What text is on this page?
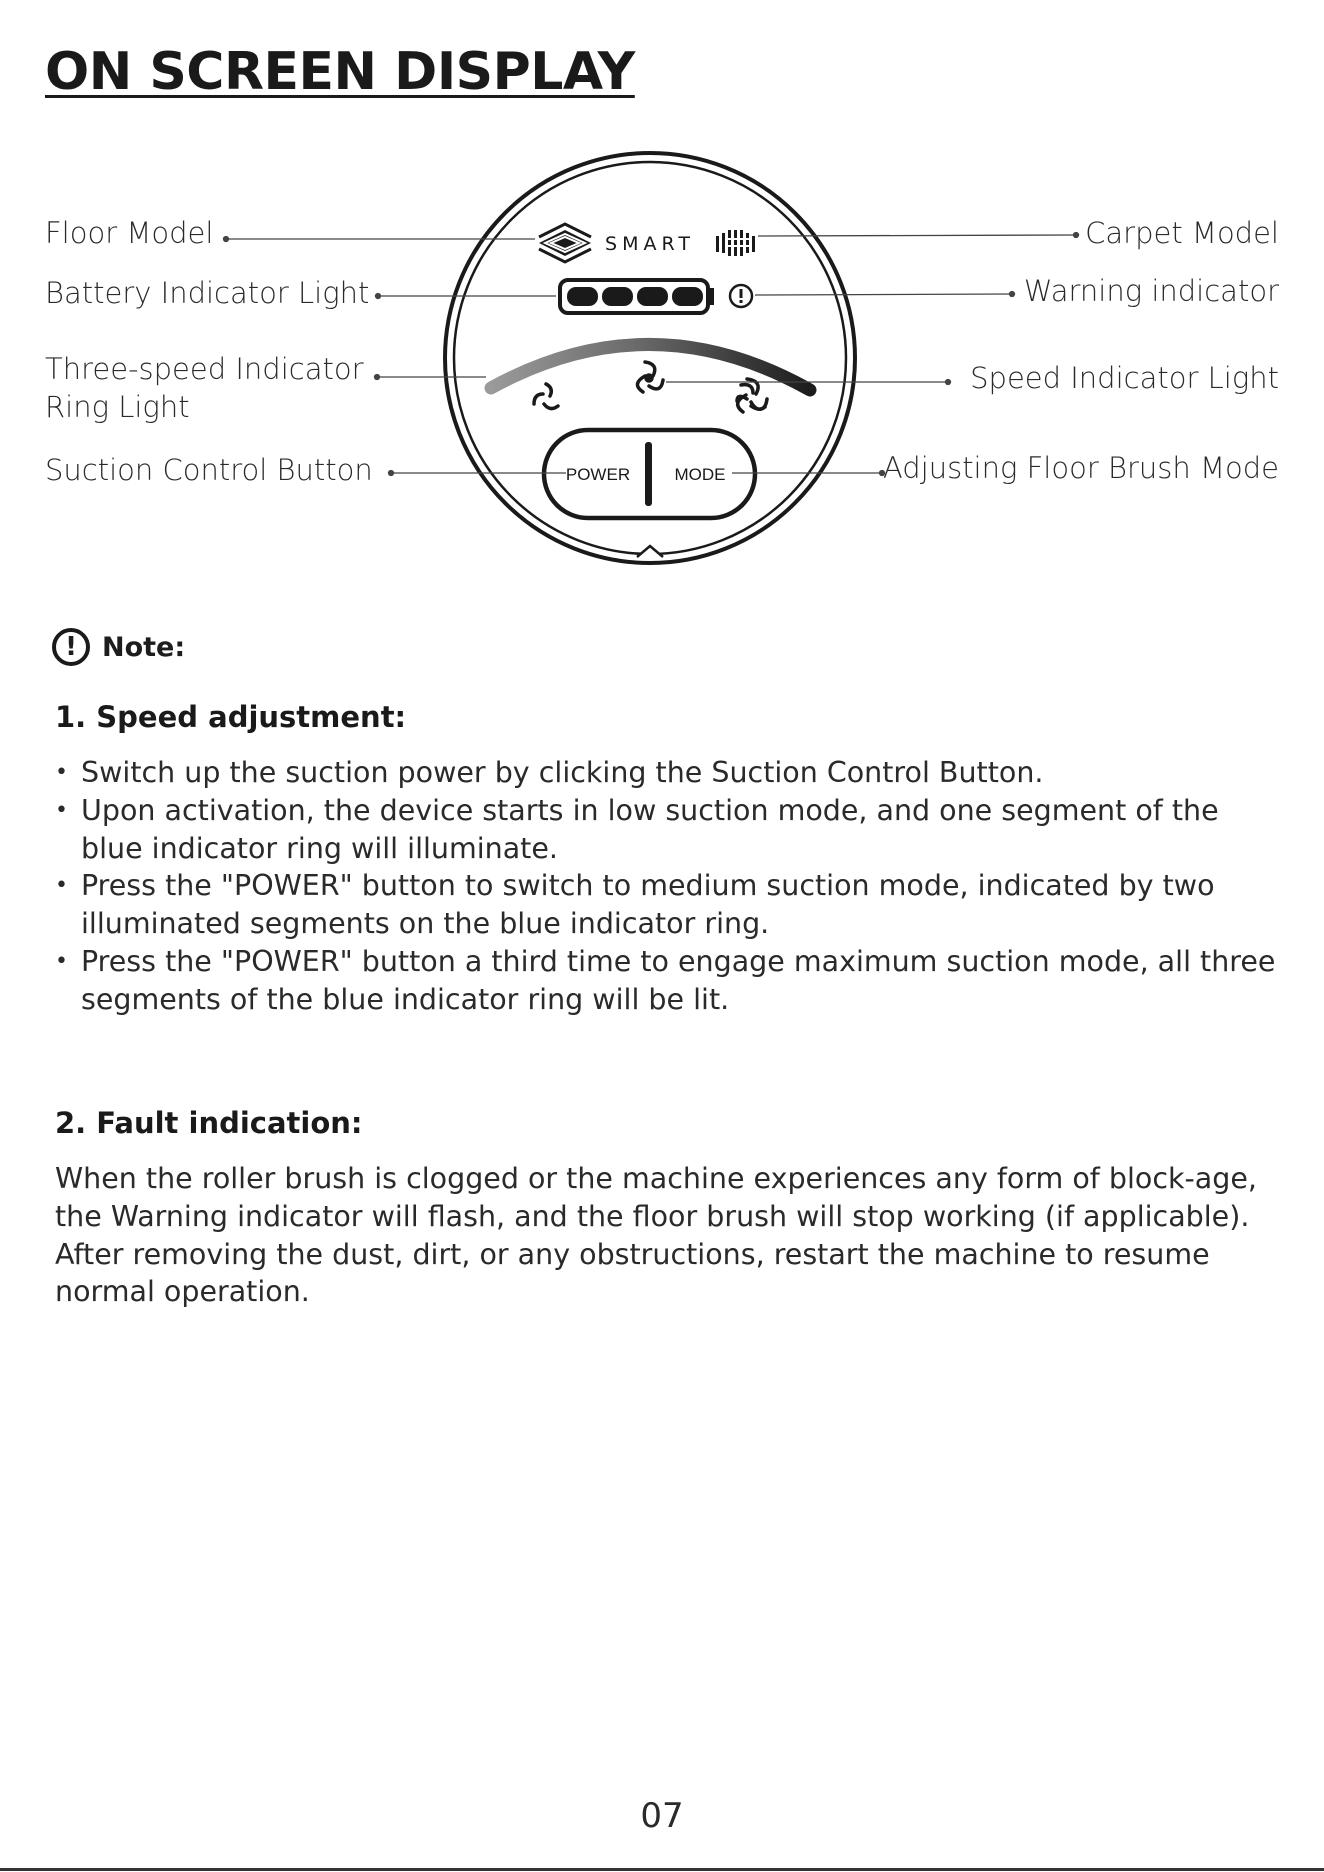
ON SCREEN DISPLAY
SMART
POWER	MODE
Floor Model
Battery Indicator Light
Three-speed Indicator
Ring Light
Suction Control Button
Carpet Model
Warning indicator
Speed Indicator Light
Adjusting Floor Brush Mode
! Note:
1. Speed adjustment:
• Switch up the suction power by clicking the Suction Control Button.
• Upon activation, the device starts in low suction mode, and one segment of the blue indicator ring will illuminate.
• Press the "POWER" button to switch to medium suction mode, indicated by two illuminated segments on the blue indicator ring.
• Press the "POWER" button a third time to engage maximum suction mode, all three segments of the blue indicator ring will be lit.
2. Fault indication:

When the roller brush is clogged or the machine experiences any form of block-age, the Warning indicator will flash, and the floor brush will stop working (if applicable). After removing the dust, dirt, or any obstructions, restart the machine to resume normal operation.

07
